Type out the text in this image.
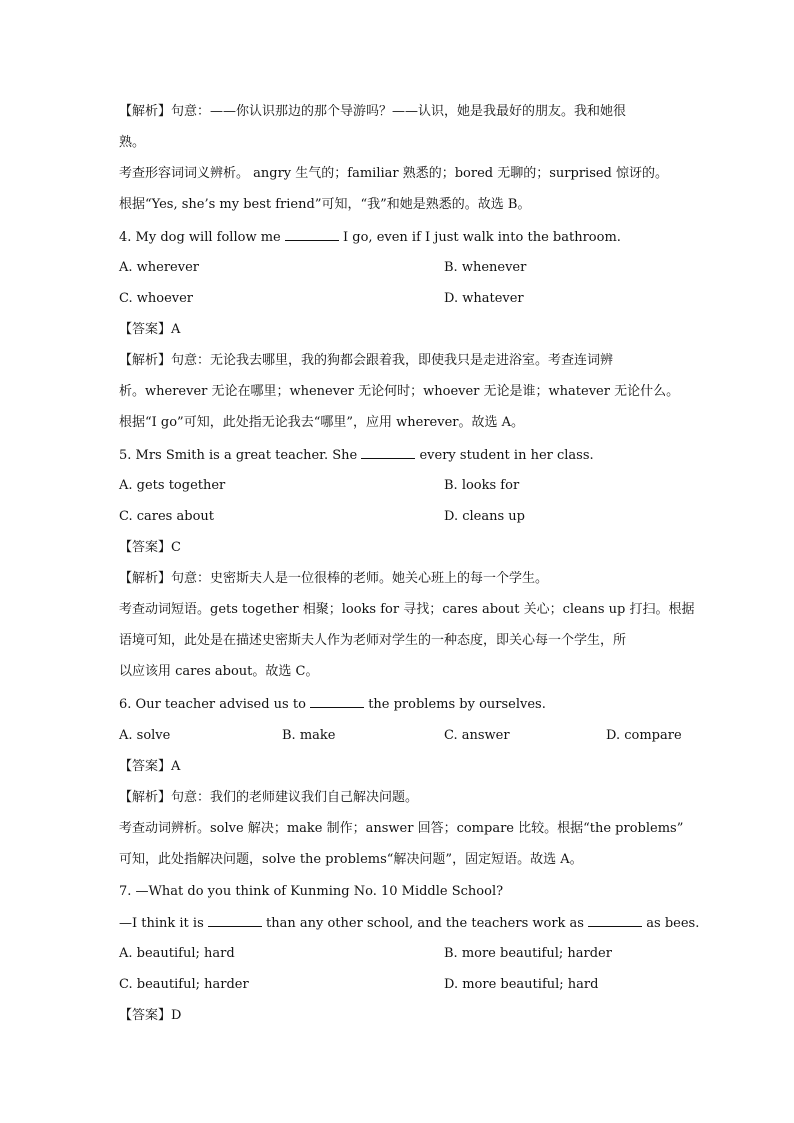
【解析】句意：——你认识那边的那个导游吗？——认识，她是我最好的朋友。我和她很
熟。
考查形容词词义辨析。 angry 生气的；familiar 熟悉的；bored 无聊的；surprised 惊讶的。
根据“Yes, she’s my best friend”可知，“我”和她是熟悉的。故选 B。
4. My dog will follow me	I go, even if I just walk into the bathroom.
A. wherever	B. whenever
C. whoever	D. whatever
【答案】A
【解析】句意：无论我去哪里，我的狗都会跟着我，即使我只是走进浴室。考查连词辨
析。wherever 无论在哪里；whenever 无论何时；whoever 无论是谁；whatever 无论什么。
根据“I go”可知，此处指无论我去“哪里”，应用 wherever。故选 A。
5. Mrs Smith is a great teacher. She	every student in her class.
A. gets together	B. looks for
C. cares about	D. cleans up
【答案】C
【解析】句意：史密斯夫人是一位很棒的老师。她关心班上的每一个学生。
考查动词短语。gets together 相聚；looks for 寻找；cares about 关心；cleans up 打扫。根据
语境可知，此处是在描述史密斯夫人作为老师对学生的一种态度，即关心每一个学生，所
以应该用 cares about。故选 C。
6. Our teacher advised us to	the problems by ourselves.
A. solve	B. make	C. answer	D. compare
【答案】A
【解析】句意：我们的老师建议我们自己解决问题。
考查动词辨析。solve 解决；make 制作；answer 回答；compare 比较。根据“the problems”
可知，此处指解决问题，solve the problems“解决问题”，固定短语。故选 A。
7. —What do you think of Kunming No. 10 Middle School?
—I think it is	than any other school, and the teachers work as	as bees.
A. beautiful; hard	B. more beautiful; harder
C. beautiful; harder	D. more beautiful; hard
【答案】D
